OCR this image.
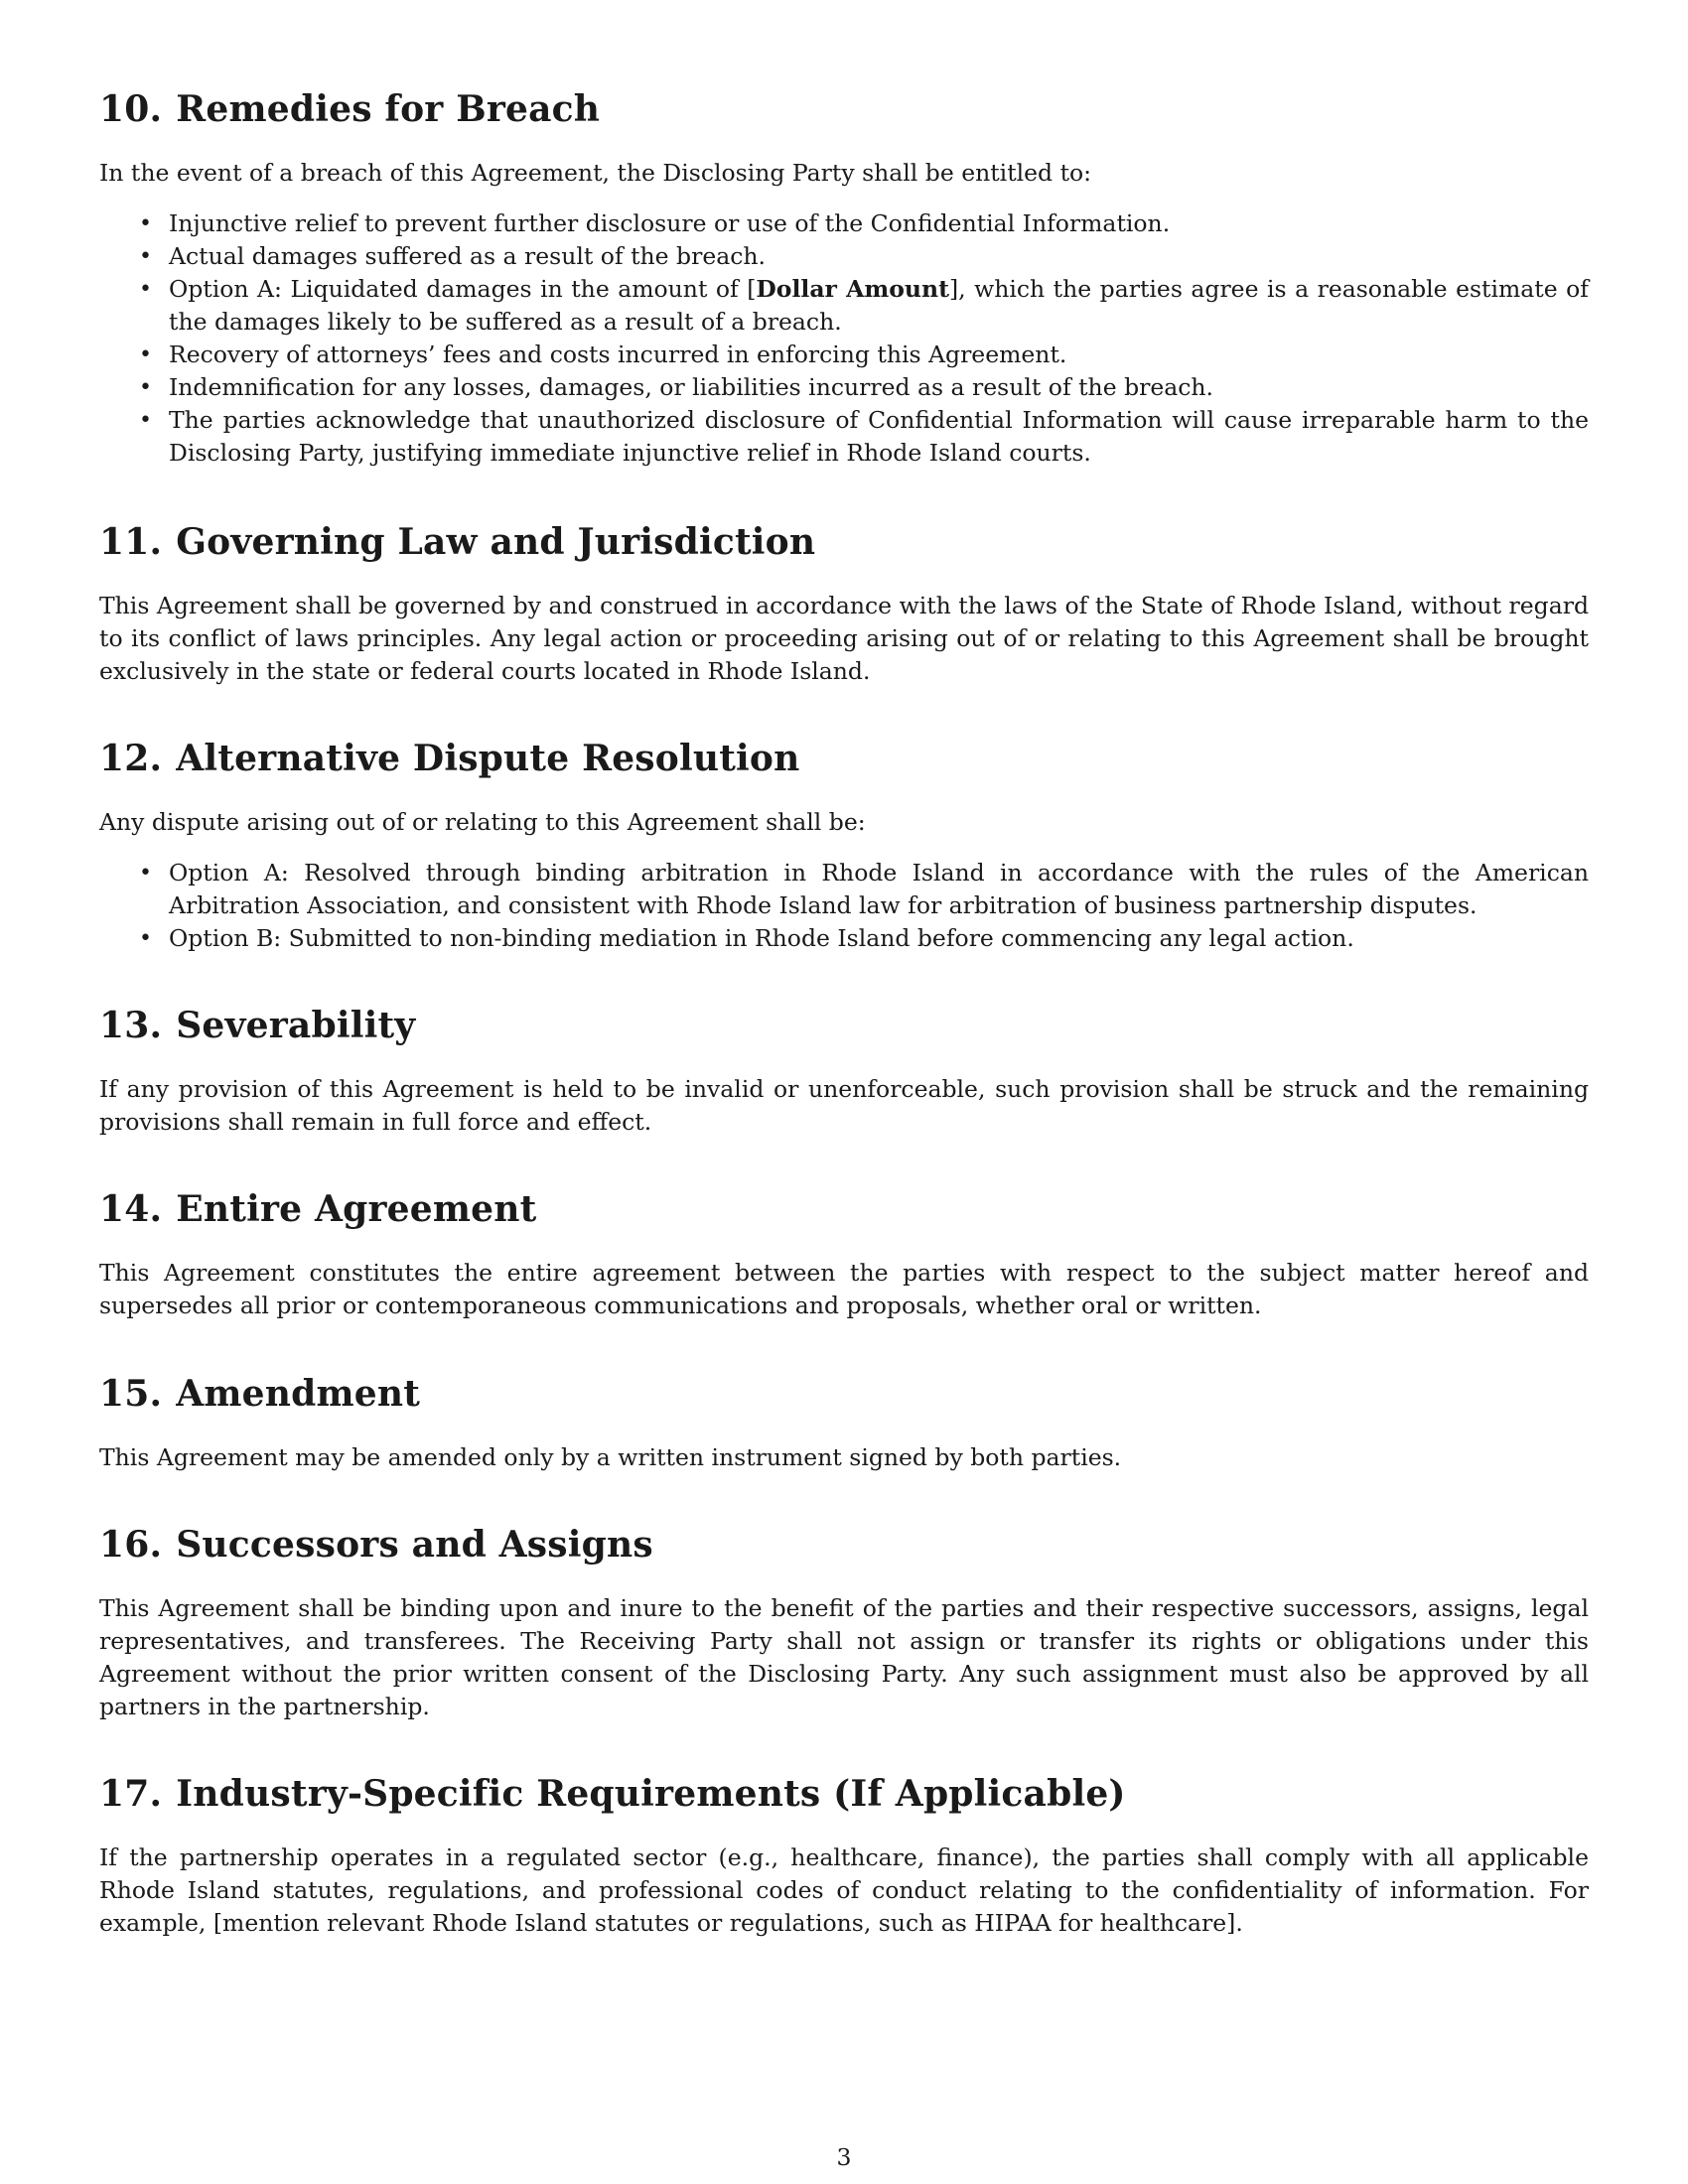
10. Remedies for Breach

In the event of a breach of this Agreement, the Disclosing Party shall be entitled to:

• Injunctive relief to prevent further disclosure or use of the Confidential Information.
• Actual damages suffered as a result of the breach.
• Option A: Liquidated damages in the amount of [Dollar Amount], which the parties agree is a reasonable estimate of the damages likely to be suffered as a result of a breach.
• Recovery of attorneys’ fees and costs incurred in enforcing this Agreement.
• Indemnification for any losses, damages, or liabilities incurred as a result of the breach.
• The parties acknowledge that unauthorized disclosure of Confidential Information will cause irreparable harm to the Disclosing Party, justifying immediate injunctive relief in Rhode Island courts.
11. Governing Law and Jurisdiction

This Agreement shall be governed by and construed in accordance with the laws of the State of Rhode Island, without regard to its conflict of laws principles. Any legal action or proceeding arising out of or relating to this Agreement shall be brought exclusively in the state or federal courts located in Rhode Island.

12. Alternative Dispute Resolution

Any dispute arising out of or relating to this Agreement shall be:

• Option A: Resolved through binding arbitration in Rhode Island in accordance with the rules of the American Arbitration Association, and consistent with Rhode Island law for arbitration of business partnership disputes.
• Option B: Submitted to non-binding mediation in Rhode Island before commencing any legal action.
13. Severability

If any provision of this Agreement is held to be invalid or unenforceable, such provision shall be struck and the remaining provisions shall remain in full force and effect.

14. Entire Agreement

This Agreement constitutes the entire agreement between the parties with respect to the subject matter hereof and supersedes all prior or contemporaneous communications and proposals, whether oral or written.

15. Amendment

This Agreement may be amended only by a written instrument signed by both parties.

16. Successors and Assigns

This Agreement shall be binding upon and inure to the benefit of the parties and their respective successors, assigns, legal representatives, and transferees. The Receiving Party shall not assign or transfer its rights or obligations under this Agreement without the prior written consent of the Disclosing Party. Any such assignment must also be approved by all partners in the partnership.

17. Industry-Specific Requirements (If Applicable)

If the partnership operates in a regulated sector (e.g., healthcare, finance), the parties shall comply with all applicable Rhode Island statutes, regulations, and professional codes of conduct relating to the confidentiality of information. For example, [mention relevant Rhode Island statutes or regulations, such as HIPAA for healthcare].

3
